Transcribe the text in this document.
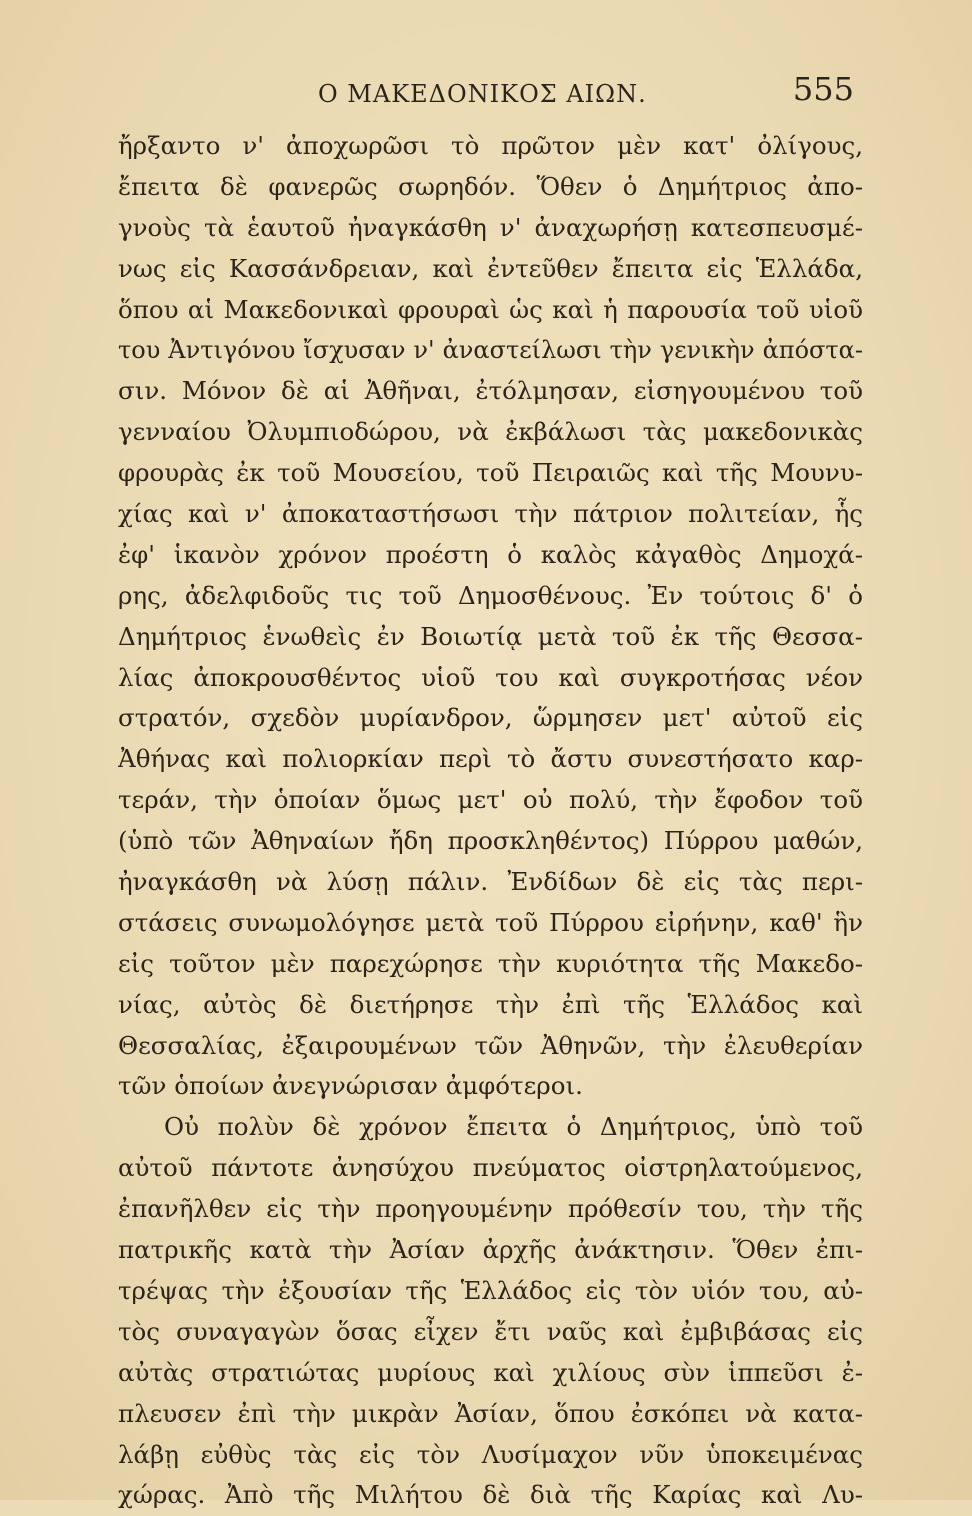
Ο ΜΑΚΕΔΟΝΙΚΟΣ ΑΙΩΝ.	555
ἤρξαντο ν' ἀποχωρῶσι τὸ πρῶτον μὲν κατ' ὀλίγους,
ἔπειτα δὲ φανερῶς σωρηδόν. Ὅθεν ὁ Δημήτριος ἀπο-
γνοὺς τὰ ἑαυτοῦ ἠναγκάσθη ν' ἀναχωρήσῃ κατεσπευσμέ-
νως εἰς Κασσάνδρειαν, καὶ ἐντεῦθεν ἔπειτα εἰς Ἑλλάδα,
ὅπου αἱ Μακεδονικαὶ φρουραὶ ὡς καὶ ἡ παρουσία τοῦ υἱοῦ
του Ἀντιγόνου ἴσχυσαν ν' ἀναστείλωσι τὴν γενικὴν ἀπόστα-
σιν. Μόνον δὲ αἱ Ἀθῆναι, ἐτόλμησαν, εἰσηγουμένου τοῦ
γενναίου Ὀλυμπιοδώρου, νὰ ἐκβάλωσι τὰς μακεδονικὰς
φρουρὰς ἐκ τοῦ Μουσείου, τοῦ Πειραιῶς καὶ τῆς Μουνυ-
χίας καὶ ν' ἀποκαταστήσωσι τὴν πάτριον πολιτείαν, ἧς
ἐφ' ἱκανὸν χρόνον προέστη ὁ καλὸς κἀγαθὸς Δημοχά-
ρης, ἀδελφιδοῦς τις τοῦ Δημοσθένους. Ἐν τούτοις δ' ὁ
Δημήτριος ἑνωθεὶς ἐν Βοιωτίᾳ μετὰ τοῦ ἐκ τῆς Θεσσα-
λίας ἀποκρουσθέντος υἱοῦ του καὶ συγκροτήσας νέον
στρατόν, σχεδὸν μυρίανδρον, ὥρμησεν μετ' αὐτοῦ εἰς
Ἀθήνας καὶ πολιορκίαν περὶ τὸ ἄστυ συνεστήσατο καρ-
τεράν, τὴν ὁποίαν ὅμως μετ' οὐ πολύ, τὴν ἔφοδον τοῦ
(ὑπὸ τῶν Ἀθηναίων ἤδη προσκληθέντος) Πύρρου μαθών,
ἠναγκάσθη νὰ λύσῃ πάλιν. Ἐνδίδων δὲ εἰς τὰς περι-
στάσεις συνωμολόγησε μετὰ τοῦ Πύρρου εἰρήνην, καθ' ἣν
εἰς τοῦτον μὲν παρεχώρησε τὴν κυριότητα τῆς Μακεδο-
νίας, αὐτὸς δὲ διετήρησε τὴν ἐπὶ τῆς Ἑλλάδος καὶ
Θεσσαλίας, ἐξαιρουμένων τῶν Ἀθηνῶν, τὴν ἐλευθερίαν
τῶν ὁποίων ἀνεγνώρισαν ἀμφότεροι.
Οὐ πολὺν δὲ χρόνον ἔπειτα ὁ Δημήτριος, ὑπὸ τοῦ
αὐτοῦ πάντοτε ἀνησύχου πνεύματος οἰστρηλατούμενος,
ἐπανῆλθεν εἰς τὴν προηγουμένην πρόθεσίν του, τὴν τῆς
πατρικῆς κατὰ τὴν Ἀσίαν ἀρχῆς ἀνάκτησιν. Ὅθεν ἐπι-
τρέψας τὴν ἐξουσίαν τῆς Ἑλλάδος εἰς τὸν υἱόν του, αὐ-
τὸς συναγαγὼν ὅσας εἶχεν ἔτι ναῦς καὶ ἐμβιβάσας εἰς
αὐτὰς στρατιώτας μυρίους καὶ χιλίους σὺν ἱππεῦσι ἐ-
πλευσεν ἐπὶ τὴν μικρὰν Ἀσίαν, ὅπου ἐσκόπει νὰ κατα-
λάβῃ εὐθὺς τὰς εἰς τὸν Λυσίμαχον νῦν ὑποκειμένας
χώρας. Ἀπὸ τῆς Μιλήτου δὲ διὰ τῆς Καρίας καὶ Λυ-
